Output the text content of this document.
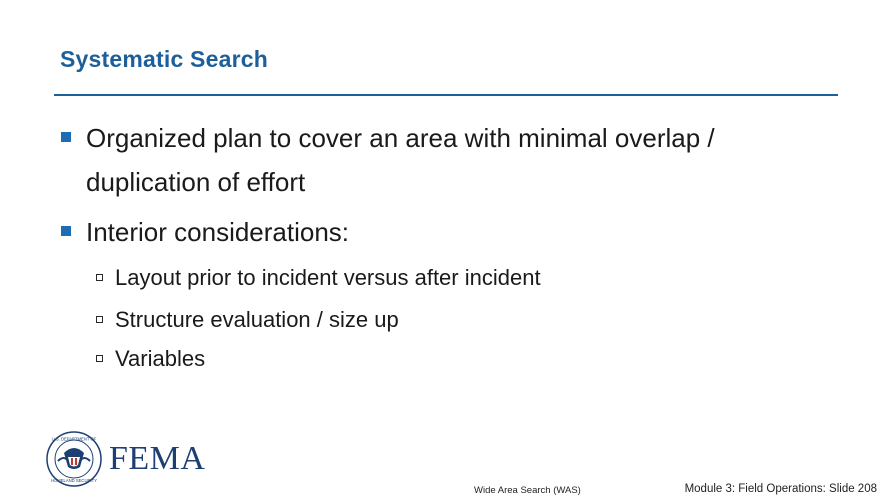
Systematic Search
Organized plan to cover an area with minimal overlap /
duplication of effort
Interior considerations:
Layout prior to incident versus after incident
Structure evaluation / size up
Variables
U.S. DEPARTMENT OF
HOMELAND SECURITY
FEMA
Wide Area Search (WAS)	Module 3: Field Operations: Slide 208
